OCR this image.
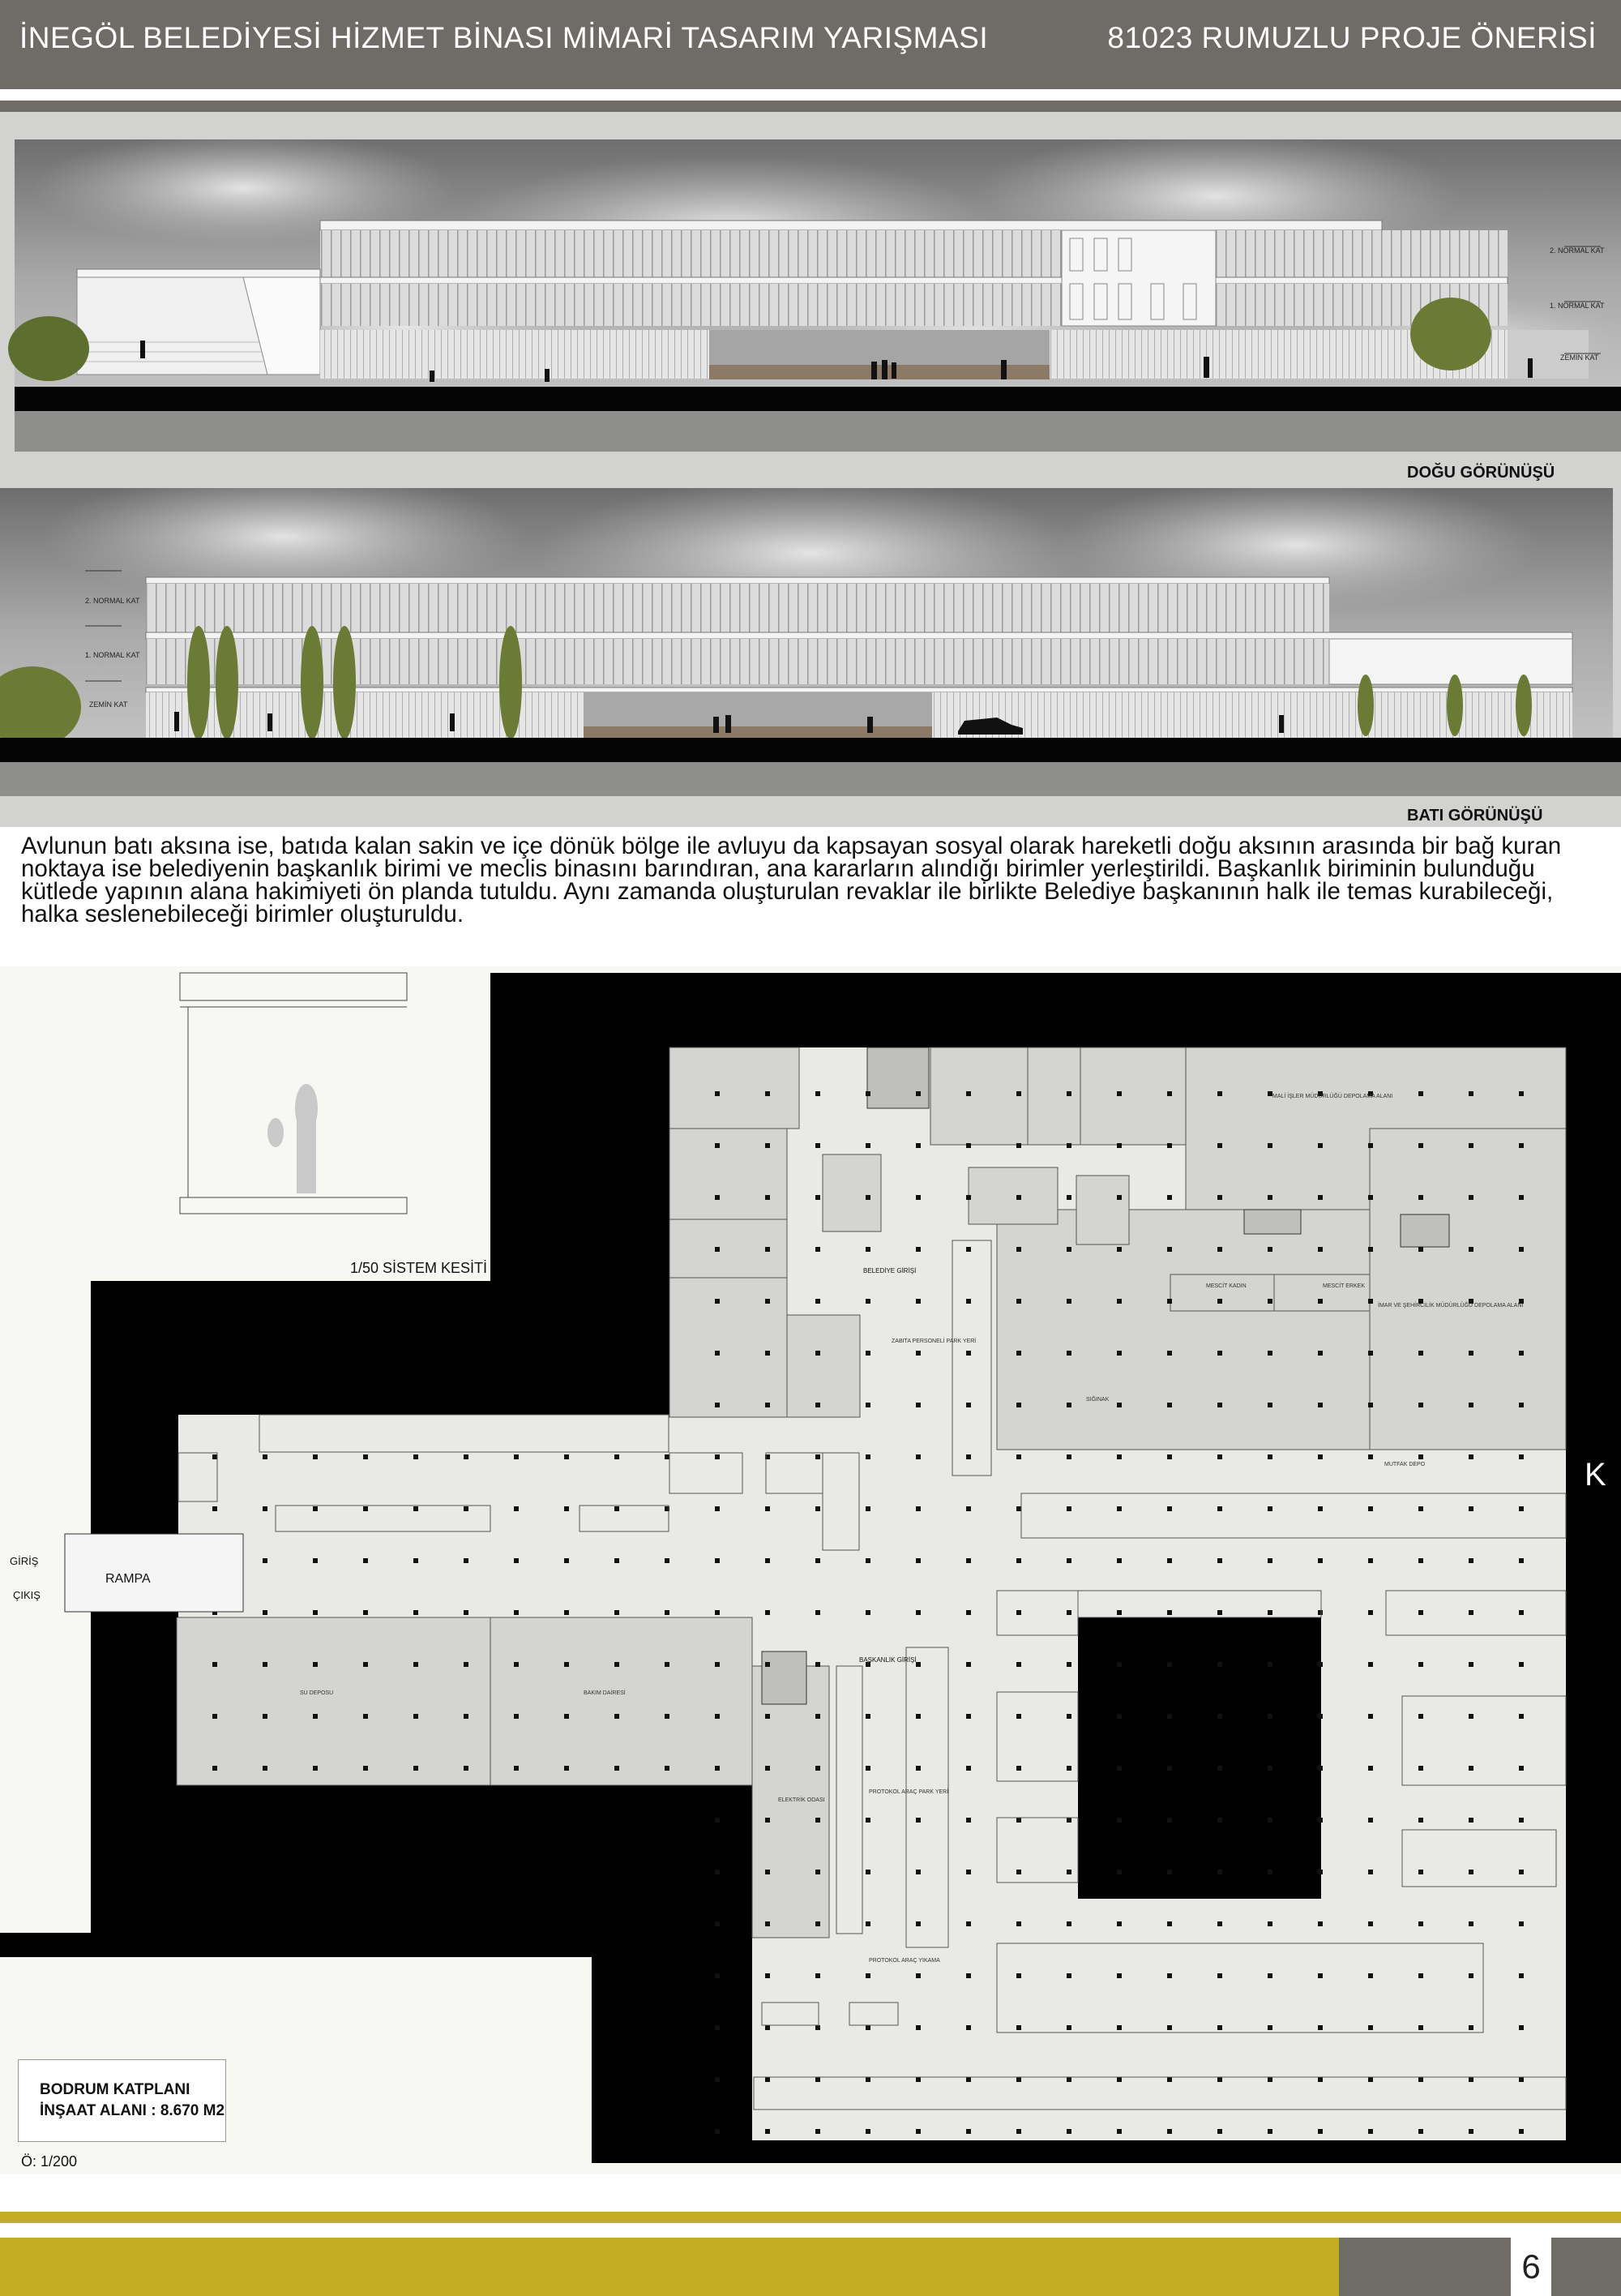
İNEGÖL BELEDİYESİ HİZMET BİNASI MİMARİ TASARIM YARIŞMASI	81023 RUMUZLU PROJE ÖNERİSİ
2. NORMAL KAT
1. NORMAL KAT
ZEMİN KAT
DOĞU GÖRÜNÜŞÜ
2. NORMAL KAT
1. NORMAL KAT
ZEMİN KAT
BATI GÖRÜNÜŞÜ
Avlunun batı aksına ise, batıda kalan sakin ve içe dönük bölge ile avluyu da kapsayan sosyal olarak hareketli doğu aksının arasında bir bağ kuran noktaya ise belediyenin başkanlık birimi ve meclis binasını barındıran, ana kararların alındığı birimler yerleştirildi. Başkanlık biriminin bulunduğu kütlede yapının alana hakimiyeti ön planda tutuldu. Aynı zamanda oluşturulan revaklar ile birlikte Belediye başkanının halk ile temas kurabileceği, halka seslenebileceği birimler oluşturuldu.
K
RAMPA
GİRİŞ
ÇIKIŞ
BELEDİYE GİRİŞİ
BAŞKANLIK GİRİŞİ
SU DEPOSU	BAKIM DAİRESİ
ELEKTRİK ODASI
SIĞINAK
MESCİT KADIN	MESCİT ERKEK
MUTFAK DEPO
ZABITA PERSONELİ PARK YERİ
PROTOKOL ARAÇ PARK YERİ
PROTOKOL ARAÇ YIKAMA
İMAR VE ŞEHİRCİLİK MÜDÜRLÜĞÜ DEPOLAMA ALANI
MALİ İŞLER MÜDÜRLÜĞÜ DEPOLAMA ALANI
1/50 SİSTEM KESİTİ
BODRUM KATPLANI
İNŞAAT ALANI : 8.670 M2
Ö: 1/200
6
